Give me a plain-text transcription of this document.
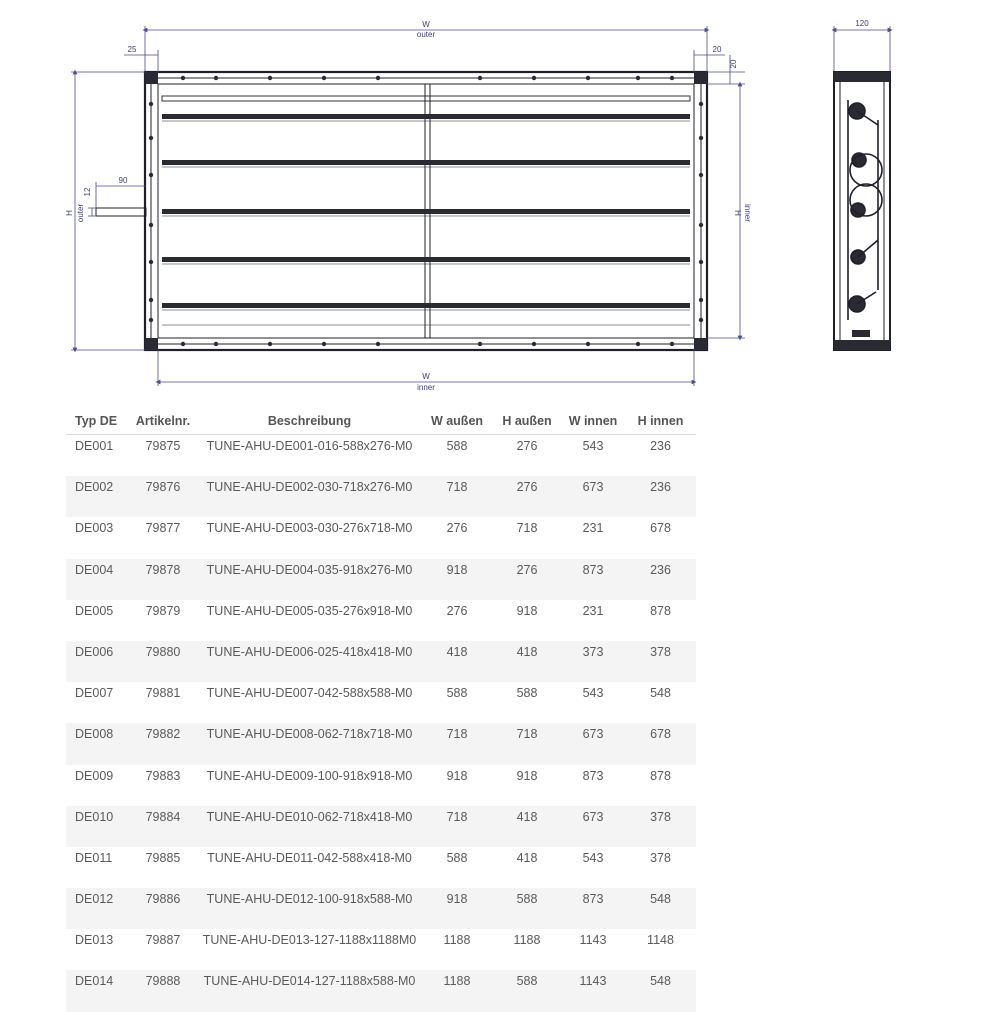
W
outer
25	20
20
H outer
90
12
H inner
W
inner
120
Typ DE	Artikelnr.	Beschreibung	W außen	H außen	W innen	H innen
DE001	79875	TUNE-AHU-DE001-016-588x276-M0	588	276	543	236
DE002	79876	TUNE-AHU-DE002-030-718x276-M0	718	276	673	236
DE003	79877	TUNE-AHU-DE003-030-276x718-M0	276	718	231	678
DE004	79878	TUNE-AHU-DE004-035-918x276-M0	918	276	873	236
DE005	79879	TUNE-AHU-DE005-035-276x918-M0	276	918	231	878
DE006	79880	TUNE-AHU-DE006-025-418x418-M0	418	418	373	378
DE007	79881	TUNE-AHU-DE007-042-588x588-M0	588	588	543	548
DE008	79882	TUNE-AHU-DE008-062-718x718-M0	718	718	673	678
DE009	79883	TUNE-AHU-DE009-100-918x918-M0	918	918	873	878
DE010	79884	TUNE-AHU-DE010-062-718x418-M0	718	418	673	378
DE011	79885	TUNE-AHU-DE011-042-588x418-M0	588	418	543	378
DE012	79886	TUNE-AHU-DE012-100-918x588-M0	918	588	873	548
DE013	79887	TUNE-AHU-DE013-127-1188x1188M0	1188	1188	1143	1148
DE014	79888	TUNE-AHU-DE014-127-1188x588-M0	1188	588	1143	548
